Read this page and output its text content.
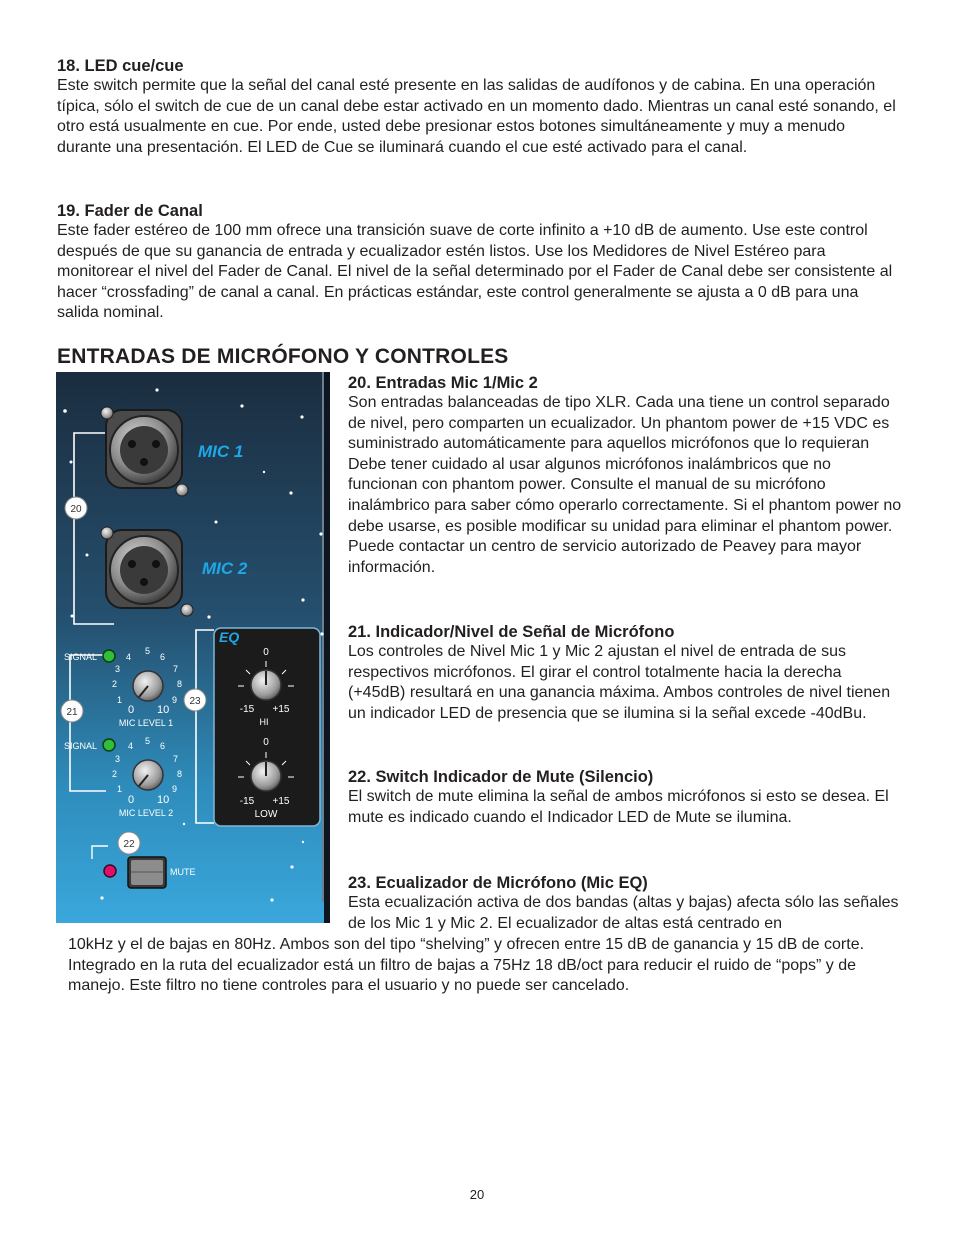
18. LED cue/cue

Este switch permite que la señal del canal esté presente en las salidas de audífonos y de cabina. En una operación típica, sólo el switch de cue de un canal debe estar activado en un momento dado. Mientras un canal esté sonando, el otro está usualmente en cue. Por ende, usted debe presionar estos botones simultáneamente y muy a menudo durante una presentación. El LED de Cue se iluminará cuando el cue esté activado para el canal.

19. Fader de Canal

Este fader estéreo de 100 mm ofrece una transición suave de corte infinito a +10 dB de aumento. Use este control después de que su ganancia de entrada y ecualizador estén listos. Use los Medidores de Nivel Estéreo para monitorear el nivel del Fader de Canal. El nivel de la señal determinado por el Fader de Canal debe ser consistente al hacer “crossfading” de canal a canal. En prácticas estándar, este control generalmente se ajusta a 0 dB para una salida nominal.

ENTRADAS DE MICRÓFONO Y CONTROLES
20. Entradas Mic 1/Mic 2

Son entradas balanceadas de tipo XLR. Cada una tiene un control separado de nivel, pero comparten un ecualizador. Un phantom power de +15 VDC es suministrado automáticamente para aquellos micrófonos que lo requieran Debe tener cuidado al usar algunos micrófonos inalámbricos que no funcionan con phantom power. Consulte el manual de su micrófono inalámbrico para saber cómo operarlo correctamente. Si el phantom power no debe usarse, es posible modificar su unidad para eliminar el phantom power. Puede contactar un centro de servicio autorizado de Peavey para mayor información.

21. Indicador/Nivel de Señal de Micrófono

Los controles de Nivel Mic 1 y Mic 2 ajustan el nivel de entrada de sus respectivos micrófonos. El girar el control totalmente hacia la derecha (+45dB) resultará en una ganancia máxima. Ambos controles de nivel tienen un indicador LED de presencia que se ilumina si la señal excede -40dBu.

22. Switch Indicador de Mute (Silencio)

El switch de mute elimina la señal de ambos micrófonos si esto se desea. El mute es indicado cuando el Indicador LED de Mute se ilumina.

23. Ecualizador de Micrófono (Mic EQ)

Esta ecualización activa de dos bandas (altas y bajas) afecta sólo las señales de los Mic 1 y Mic 2. El ecualizador de altas está centrado en

10kHz y el de bajas en 80Hz. Ambos son del tipo “shelving” y ofrecen entre 15 dB de ganancia y 15 dB de corte. Integrado en la ruta del ecualizador está un filtro de bajas a 75Hz 18 dB/oct para reducir el ruido de “pops” y de manejo. Este filtro no tiene controles para el usuario y no puede ser cancelado.

MIC 1
MIC 2
20
SIGNAL	4
5
6
3	7
2	8
1	9
0 10
MIC LEVEL 1
21
SIGNAL	4 5 6
3	7
2	8
1	9
0 10
MIC LEVEL 2
EQ
0
-15 +15
0
-15 +15
HI
LOW
23
22
MUTE
20
